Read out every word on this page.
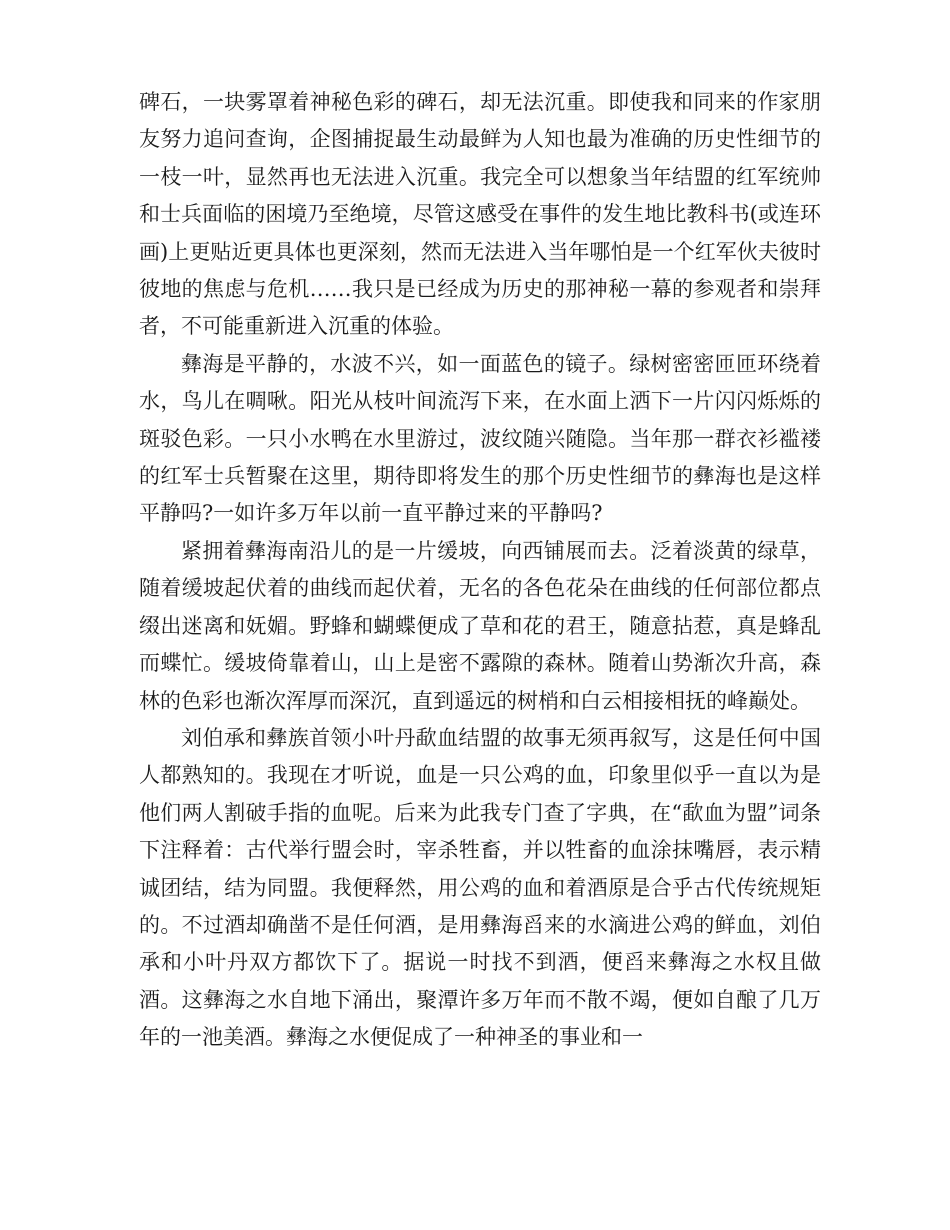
碑石，一块雾罩着神秘色彩的碑石，却无法沉重。即使我和同来的作家朋友努力追问查询，企图捕捉最生动最鲜为人知也最为准确的历史性细节的一枝一叶，显然再也无法进入沉重。我完全可以想象当年结盟的红军统帅和士兵面临的困境乃至绝境，尽管这感受在事件的发生地比教科书(或连环画)上更贴近更具体也更深刻，然而无法进入当年哪怕是一个红军伙夫彼时彼地的焦虑与危机……我只是已经成为历史的那神秘一幕的参观者和崇拜者，不可能重新进入沉重的体验。

彝海是平静的，水波不兴，如一面蓝色的镜子。绿树密密匝匝环绕着水，鸟儿在啁啾。阳光从枝叶间流泻下来，在水面上洒下一片闪闪烁烁的斑驳色彩。一只小水鸭在水里游过，波纹随兴随隐。当年那一群衣衫褴褛的红军士兵暂聚在这里，期待即将发生的那个历史性细节的彝海也是这样平静吗?一如许多万年以前一直平静过来的平静吗?

紧拥着彝海南沿儿的是一片缓坡，向西铺展而去。泛着淡黄的绿草，随着缓坡起伏着的曲线而起伏着，无名的各色花朵在曲线的任何部位都点缀出迷离和妩媚。野蜂和蝴蝶便成了草和花的君王，随意拈惹，真是蜂乱而蝶忙。缓坡倚靠着山，山上是密不露隙的森林。随着山势渐次升高，森林的色彩也渐次浑厚而深沉，直到遥远的树梢和白云相接相抚的峰巅处。

刘伯承和彝族首领小叶丹歃血结盟的故事无须再叙写，这是任何中国人都熟知的。我现在才听说，血是一只公鸡的血，印象里似乎一直以为是他们两人割破手指的血呢。后来为此我专门查了字典，在“歃血为盟”词条下注释着：古代举行盟会时，宰杀牲畜，并以牲畜的血涂抹嘴唇，表示精诚团结，结为同盟。我便释然，用公鸡的血和着酒原是合乎古代传统规矩的。不过酒却确凿不是任何酒，是用彝海舀来的水滴进公鸡的鲜血，刘伯承和小叶丹双方都饮下了。据说一时找不到酒，便舀来彝海之水权且做酒。这彝海之水自地下涌出，聚潭许多万年而不散不竭，便如自酿了几万年的一池美酒。彝海之水便促成了一种神圣的事业和一
